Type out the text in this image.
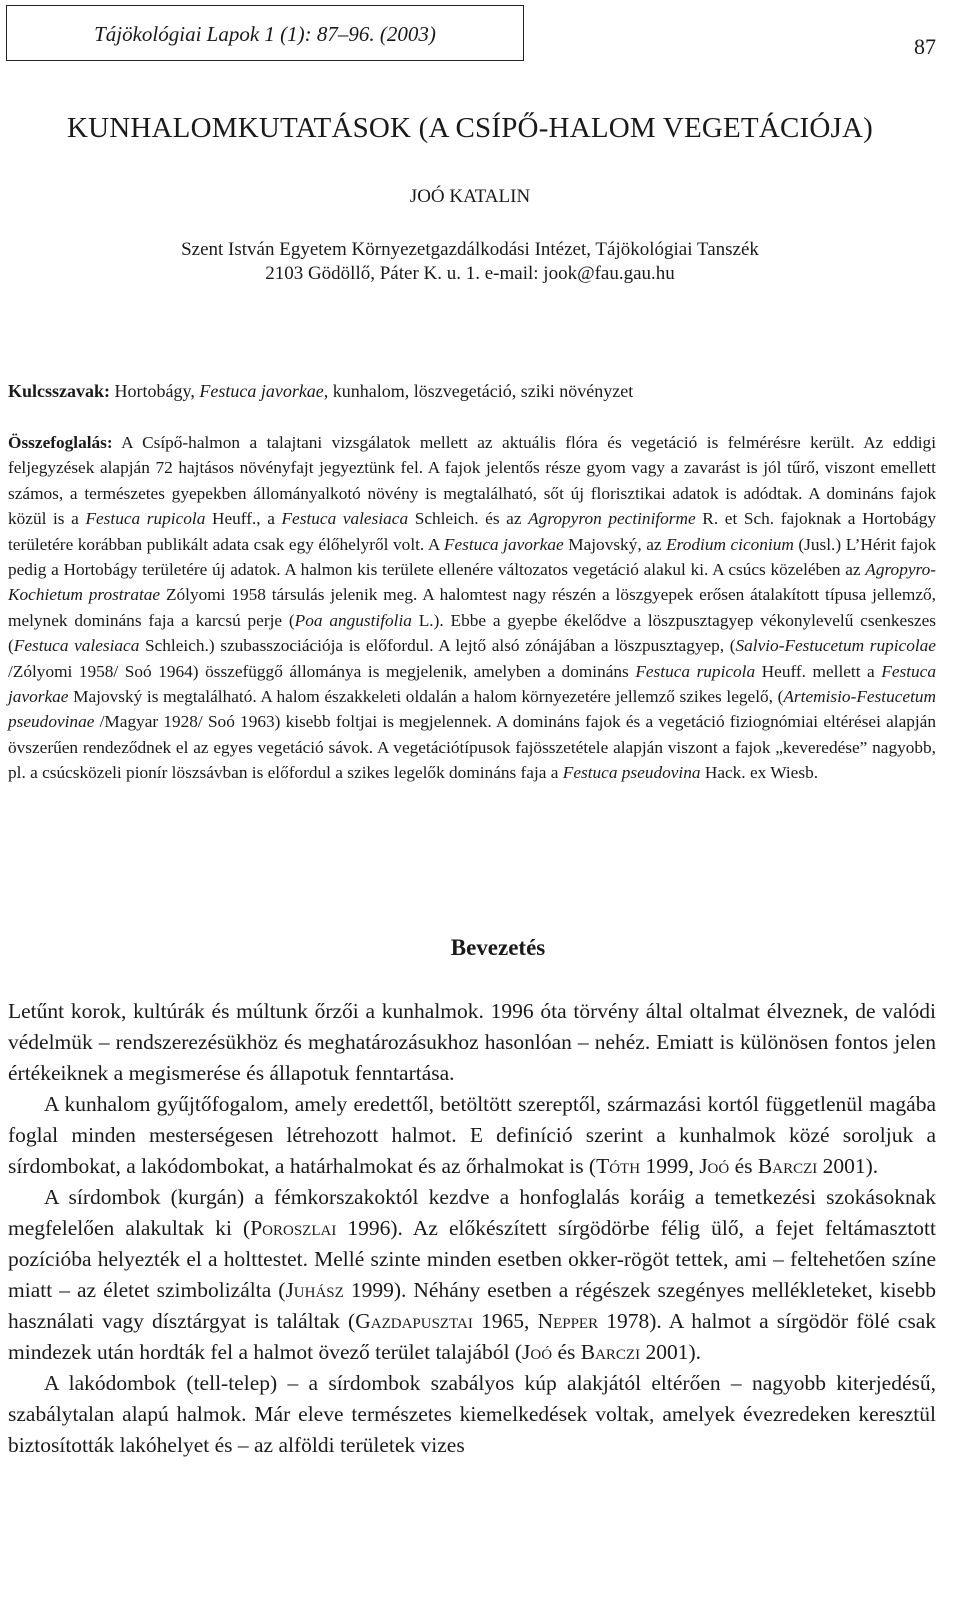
Tájökológiai Lapok 1 (1): 87–96. (2003)	87
KUNHALOMKUTATÁSOK (A CSÍPŐ-HALOM VEGETÁCIÓJA)
JOÓ KATALIN
Szent István Egyetem Környezetgazdálkodási Intézet, Tájökológiai Tanszék
2103 Gödöllő, Páter K. u. 1. e-mail: jook@fau.gau.hu
Kulcsszavak: Hortobágy, Festuca javorkae, kunhalom, löszvegetáció, sziki növényzet

Összefoglalás: A Csípő-halmon a talajtani vizsgálatok mellett az aktuális flóra és vegetáció is felmérésre került. Az eddigi feljegyzések alapján 72 hajtásos növényfajt jegyeztünk fel. A fajok jelentős része gyom vagy a zavarást is jól tűrő, viszont emellett számos, a természetes gyepekben állományalkotó növény is megtalálható, sőt új florisztikai adatok is adódtak. A domináns fajok közül is a Festuca rupicola Heuff., a Festuca valesiaca Schleich. és az Agropyron pectiniforme R. et Sch. fajoknak a Hortobágy területére korábban publikált adata csak egy élőhelyről volt. A Festuca javorkae Majovský, az Erodium ciconium (Jusl.) L’Hérit fajok pedig a Hortobágy területére új adatok. A halmon kis területe ellenére változatos vegetáció alakul ki. A csúcs közelében az Agropyro-Kochietum prostratae Zólyomi 1958 társulás jelenik meg. A halomtest nagy részén a löszgyepek erősen átalakított típusa jellemző, melynek domináns faja a karcsú perje (Poa angustifolia L.). Ebbe a gyepbe ékelődve a löszpusztagyep vékonylevelű csenkeszes (Festuca valesiaca Schleich.) szubasszociációja is előfordul. A lejtő alsó zónájában a löszpusztagyep, (Salvio-Festucetum rupicolae /Zólyomi 1958/ Soó 1964) összefüggő állománya is megjelenik, amelyben a domináns Festuca rupicola Heuff. mellett a Festuca javorkae Majovský is megtalálható. A halom északkeleti oldalán a halom környezetére jellemző szikes legelő, (Artemisio-Festucetum pseudovinae /Magyar 1928/ Soó 1963) kisebb foltjai is megjelennek. A domináns fajok és a vegetáció fiziognómiai eltérései alapján övszerűen rendeződnek el az egyes vegetáció sávok. A vegetációtípusok fajösszetétele alapján viszont a fajok „keveredése” nagyobb, pl. a csúcsközeli pionír löszsávban is előfordul a szikes legelők domináns faja a Festuca pseudovina Hack. ex Wiesb.

Bevezetés

Letűnt korok, kultúrák és múltunk őrzői a kunhalmok. 1996 óta törvény által oltalmat élveznek, de valódi védelmük – rendszerezésükhöz és meghatározásukhoz hasonlóan – nehéz. Emiatt is különösen fontos jelen értékeiknek a megismerése és állapotuk fenntartása.

A kunhalom gyűjtőfogalom, amely eredettől, betöltött szereptől, származási kortól függetlenül magába foglal minden mesterségesen létrehozott halmot. E definíció szerint a kunhalmok közé soroljuk a sírdombokat, a lakódombokat, a határhalmokat és az őrhalmokat is (Tóth 1999, Joó és Barczi 2001).

A sírdombok (kurgán) a fémkorszakoktól kezdve a honfoglalás koráig a temetkezési szokásoknak megfelelően alakultak ki (Poroszlai 1996). Az előkészített sírgödörbe félig ülő, a fejet feltámasztott pozícióba helyezték el a holttestet. Mellé szinte minden esetben okker-rögöt tettek, ami – feltehetően színe miatt – az életet szimbolizálta (Juhász 1999). Néhány esetben a régészek szegényes mellékleteket, kisebb használati vagy dísztárgyat is találtak (Gazdapusztai 1965, Nepper 1978). A halmot a sírgödör fölé csak mindezek után hordták fel a halmot övező terület talajából (Joó és Barczi 2001).

A lakódombok (tell-telep) – a sírdombok szabályos kúp alakjától eltérően – nagyobb kiterjedésű, szabálytalan alapú halmok. Már eleve természetes kiemelkedések voltak, amelyek évezredeken keresztül biztosították lakóhelyet és – az alföldi területek vizes
